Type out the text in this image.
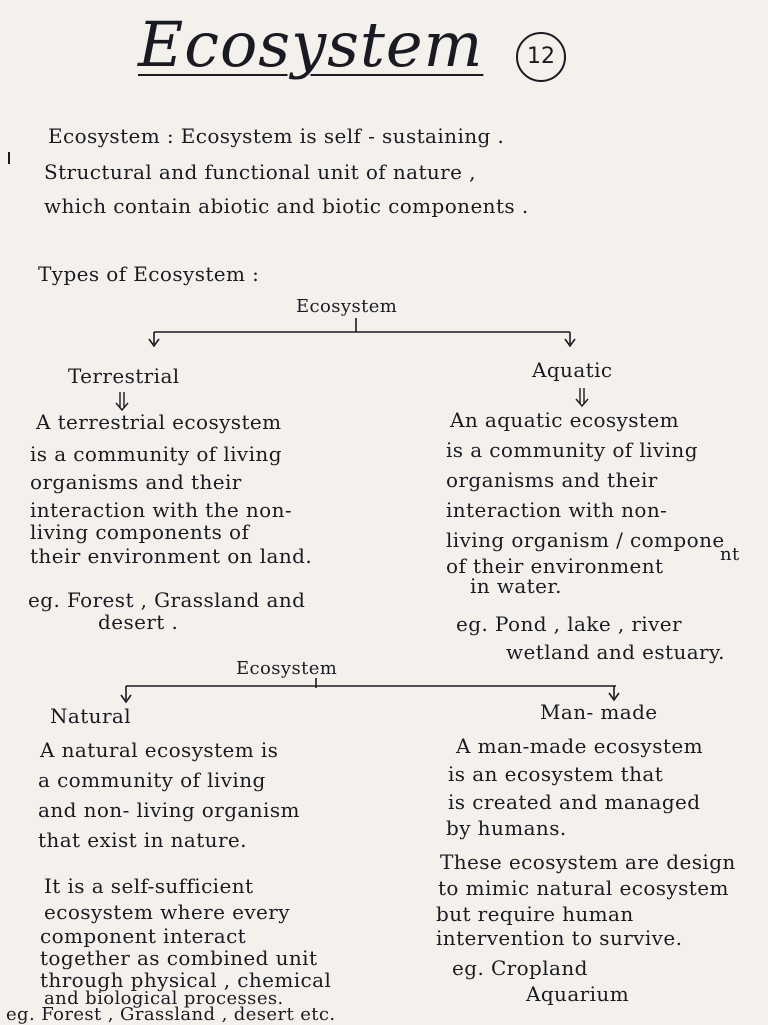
Ecosystem	12
Ecosystem : Ecosystem is self - sustaining .
Structural and functional unit of nature ,
which contain abiotic and biotic components .
Types of Ecosystem :
Ecosystem
Terrestrial
A terrestrial ecosystem
is a community of living
organisms and their
interaction with the non-
living components of
their environment on land.
eg. Forest , Grassland and
desert .
Aquatic
An aquatic ecosystem
is a community of living
organisms and their
interaction with non-
living organism / compone
nt
of their environment
in water.
eg. Pond , lake , river
wetland and estuary.
Ecosystem
Natural
A natural ecosystem is
a community of living
and non- living organism
that exist in nature.
It is a self-sufficient
ecosystem where every
component interact
together as combined unit
through physical , chemical
and biological processes.
eg. Forest , Grassland , desert etc.
Man- made
A man-made ecosystem
is an ecosystem that
is created and managed
by humans.
These ecosystem are design
to mimic natural ecosystem
but require human
intervention to survive.
eg. Cropland
Aquarium
